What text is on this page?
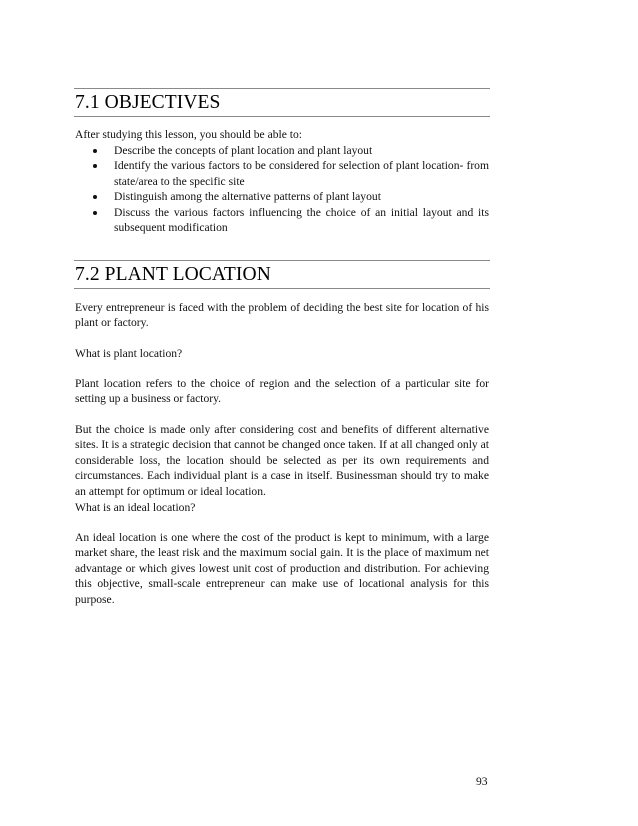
7.1 OBJECTIVES

After studying this lesson, you should be able to:

Describe the concepts of plant location and plant layout
Identify the various factors to be considered for selection of plant location- from state/area to the specific site
Distinguish among the alternative patterns of plant layout
Discuss the various factors influencing the choice of an initial layout and its subsequent modification
7.2 PLANT LOCATION

Every entrepreneur is faced with the problem of deciding the best site for location of his plant or factory.

What is plant location?

Plant location refers to the choice of region and the selection of a particular site for setting up a business or factory.

But the choice is made only after considering cost and benefits of different alternative sites. It is a strategic decision that cannot be changed once taken. If at all changed only at considerable loss, the location should be selected as per its own requirements and circumstances. Each individual plant is a case in itself. Businessman should try to make an attempt for optimum or ideal location.

What is an ideal location?

An ideal location is one where the cost of the product is kept to minimum, with a large market share, the least risk and the maximum social gain. It is the place of maximum net advantage or which gives lowest unit cost of production and distribution. For achieving this objective, small-scale entrepreneur can make use of locational analysis for this purpose.

93
